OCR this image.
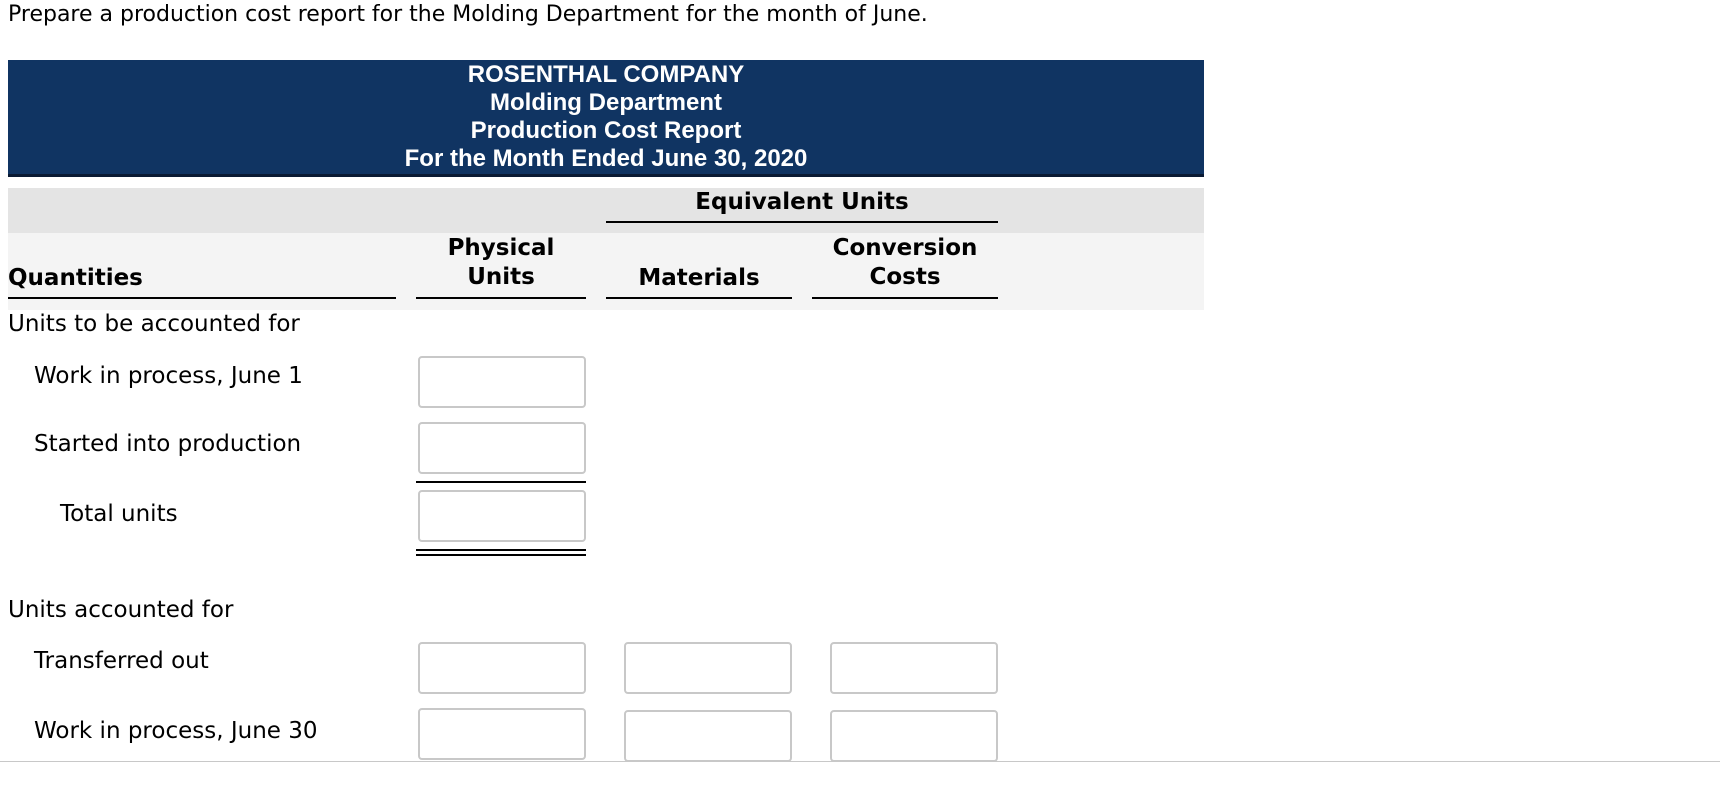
Prepare a production cost report for the Molding Department for the month of June.
ROSENTHAL COMPANY
Molding Department
Production Cost Report
For the Month Ended June 30, 2020
Equivalent Units
Quantities
Physical
Units	Materials
Conversion
Costs
Units to be accounted for
Work in process, June 1
Started into production
Total units
Units accounted for
Transferred out
Work in process, June 30
